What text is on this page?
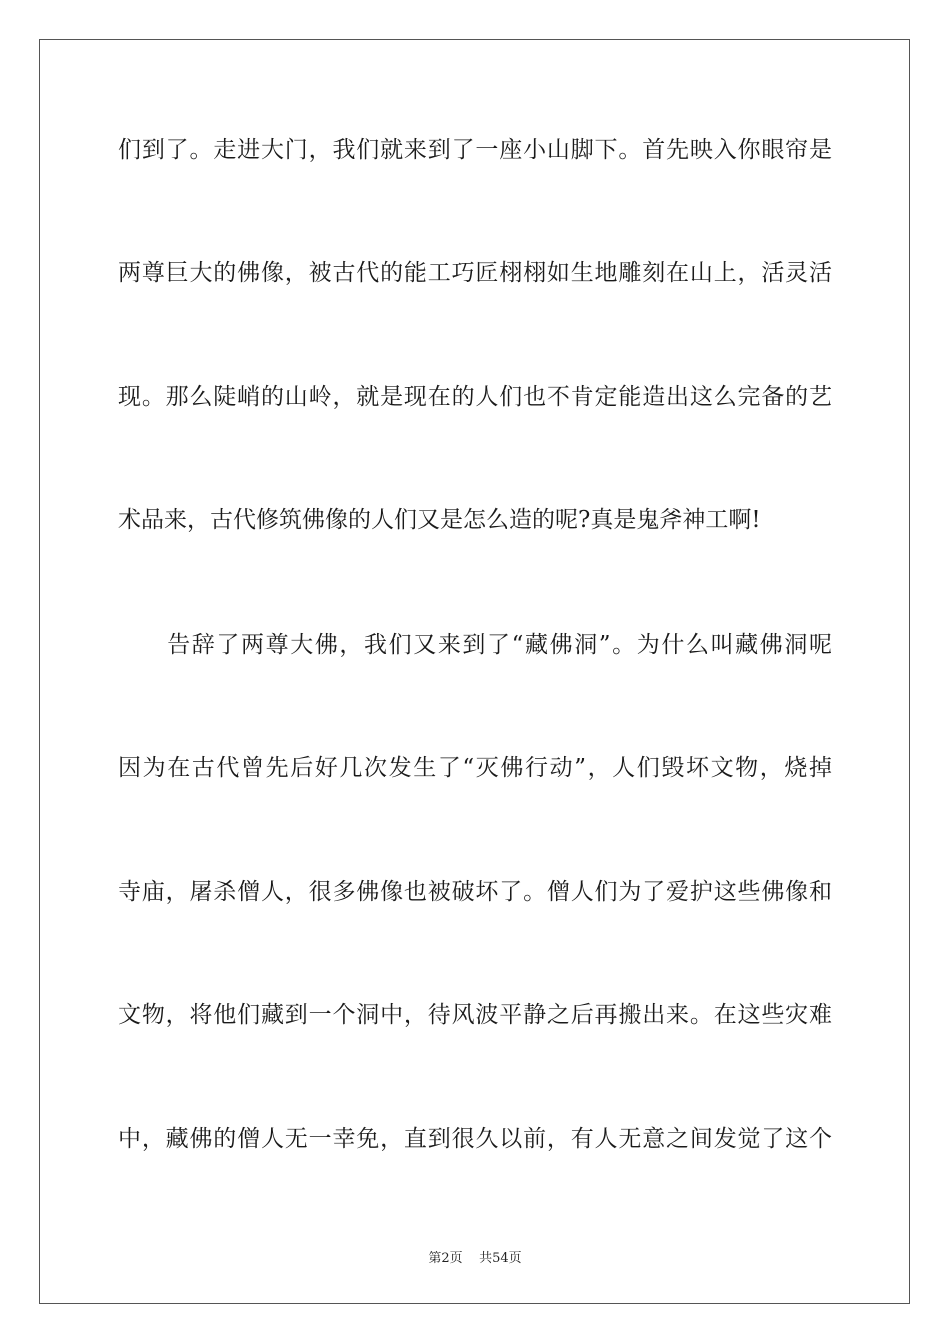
们到了。走进大门，我们就来到了一座小山脚下。首先映入你眼帘是
两尊巨大的佛像，被古代的能工巧匠栩栩如生地雕刻在山上，活灵活
现。那么陡峭的山岭，就是现在的人们也不肯定能造出这么完备的艺
术品来，古代修筑佛像的人们又是怎么造的呢?真是鬼斧神工啊!
　　告辞了两尊大佛，我们又来到了“藏佛洞”。为什么叫藏佛洞呢
因为在古代曾先后好几次发生了“灭佛行动”，人们毁坏文物，烧掉
寺庙，屠杀僧人，很多佛像也被破坏了。僧人们为了爱护这些佛像和
文物，将他们藏到一个洞中，待风波平静之后再搬出来。在这些灾难
中，藏佛的僧人无一幸免，直到很久以前，有人无意之间发觉了这个
第2页 共54页
